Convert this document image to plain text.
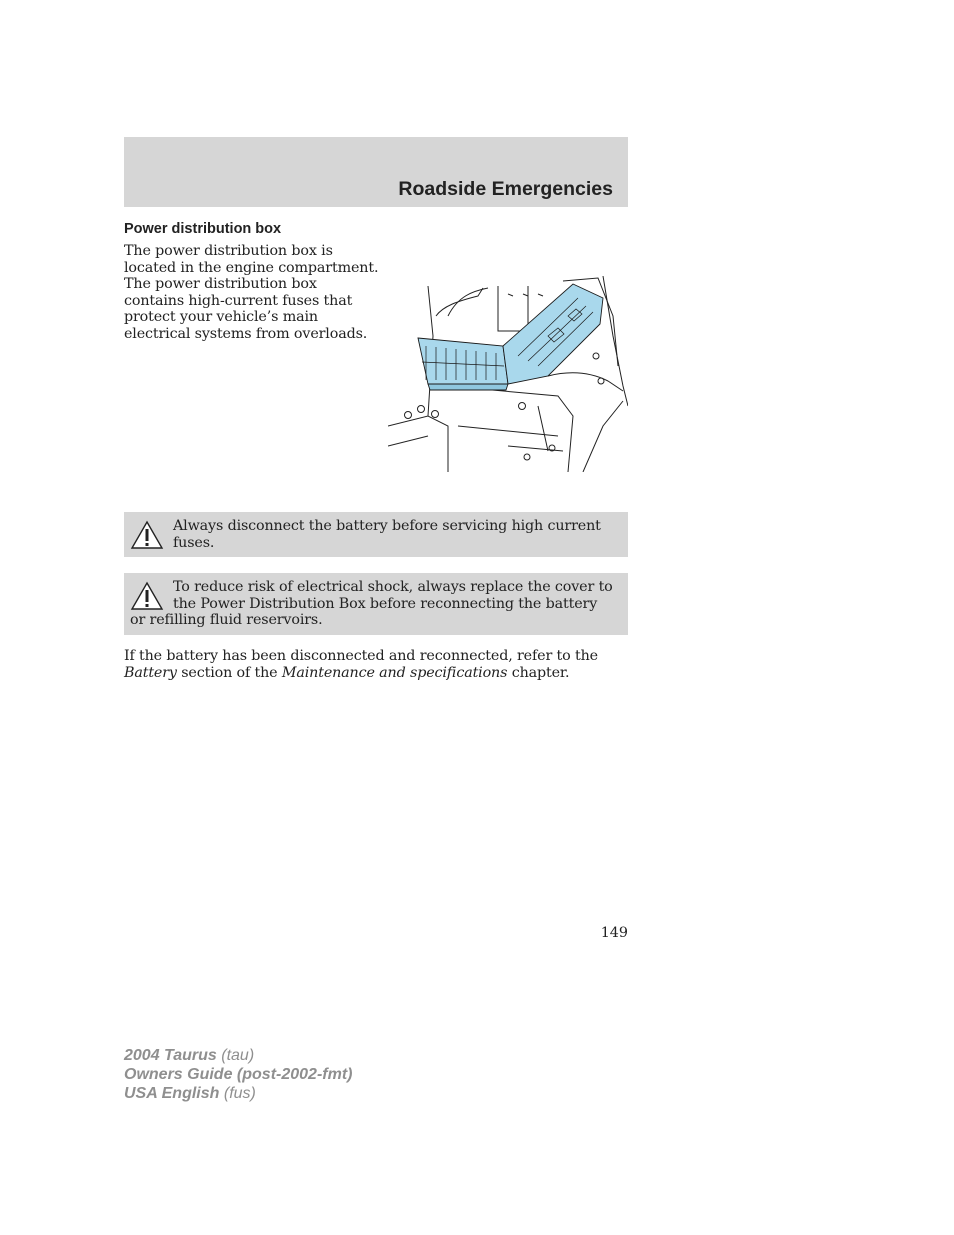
Roadside Emergencies
Power distribution box
The power distribution box is located in the engine compartment. The power distribution box contains high-current fuses that protect your vehicle’s main electrical systems from overloads.
Always disconnect the battery before servicing high current fuses.
To reduce risk of electrical shock, always replace the cover to the Power Distribution Box before reconnecting the battery or refilling fluid reservoirs.
If the battery has been disconnected and reconnected, refer to the Battery section of the Maintenance and specifications chapter.
149
2004 Taurus (tau)
Owners Guide (post-2002-fmt)
USA English (fus)
